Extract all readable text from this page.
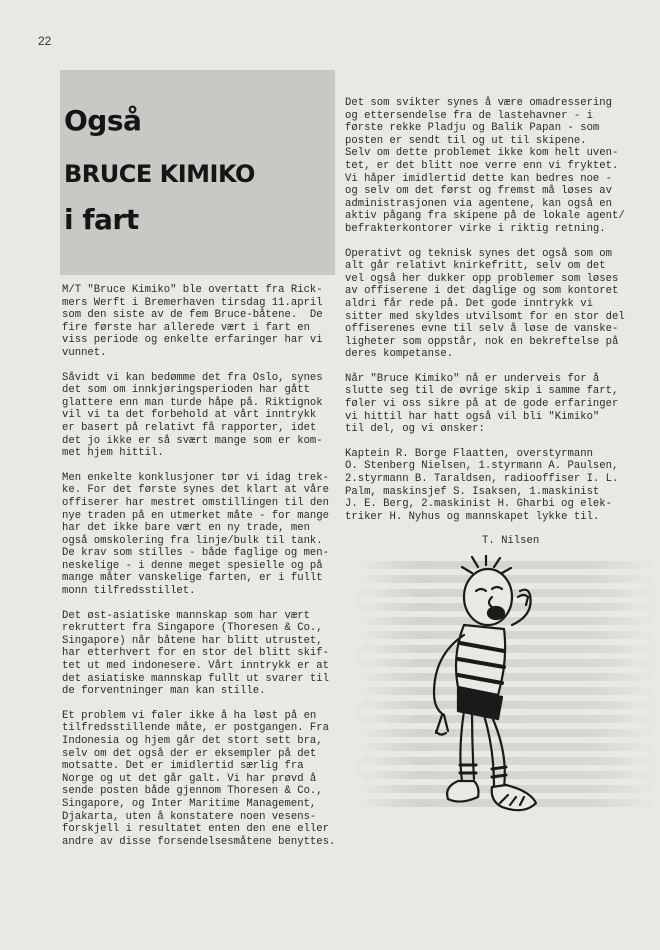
22
Også
BRUCE KIMIKO
i fart

M/T "Bruce Kimiko" ble overtatt fra Rick-
mers Werft i Bremerhaven tirsdag 11.april
som den siste av de fem Bruce-båtene.  De
fire første har allerede vært i fart en
viss periode og enkelte erfaringer har vi
vunnet.

Såvidt vi kan bedømme det fra Oslo, synes
det som om innkjøringsperioden har gått
glattere enn man turde håpe på. Riktignok
vil vi ta det forbehold at vårt inntrykk
er basert på relativt få rapporter, idet
det jo ikke er så svært mange som er kom-
met hjem hittil.

Men enkelte konklusjoner tør vi idag trek-
ke. For det første synes det klart at våre
offiserer har mestret omstillingen til den
nye traden på en utmerket måte - for mange
har det ikke bare vært en ny trade, men
også omskolering fra linje/bulk til tank.
De krav som stilles - både faglige og men-
neskelige - i denne meget spesielle og på
mange måter vanskelige farten, er i fullt
monn tilfredsstillet.

Det øst-asiatiske mannskap som har vært
rekruttert fra Singapore (Thoresen & Co.,
Singapore) når båtene har blitt utrustet,
har etterhvert for en stor del blitt skif-
tet ut med indonesere. Vårt inntrykk er at
det asiatiske mannskap fullt ut svarer til
de forventninger man kan stille.

Et problem vi føler ikke å ha løst på en
tilfredsstillende måte, er postgangen. Fra
Indonesia og hjem går det stort sett bra,
selv om det også der er eksempler på det
motsatte. Det er imidlertid særlig fra
Norge og ut det går galt. Vi har prøvd å
sende posten både gjennom Thoresen & Co.,
Singapore, og Inter Maritime Management,
Djakarta, uten å konstatere noen vesens-
forskjell i resultatet enten den ene eller
andre av disse forsendelsesmåtene benyttes.

Det som svikter synes å være omadressering
og ettersendelse fra de lastehavner - i
første rekke Pladju og Balik Papan - som
posten er sendt til og ut til skipene.
Selv om dette problemet ikke kom helt uven-
tet, er det blitt noe verre enn vi fryktet.
Vi håper imidlertid dette kan bedres noe -
og selv om det først og fremst må løses av
administrasjonen via agentene, kan også en
aktiv pågang fra skipene på de lokale agent/
befrakterkontorer virke i riktig retning.

Operativt og teknisk synes det også som om
alt går relativt knirkefritt, selv om det
vel også her dukker opp problemer som løses
av offiserene i det daglige og som kontoret
aldri får rede på. Det gode inntrykk vi
sitter med skyldes utvilsomt for en stor del
offiserenes evne til selv å løse de vanske-
ligheter som oppstår, nok en bekreftelse på
deres kompetanse.

Når "Bruce Kimiko" nå er underveis for å
slutte seg til de øvrige skip i samme fart,
føler vi oss sikre på at de gode erfaringer
vi hittil har hatt også vil bli "Kimiko"
til del, og vi ønsker:

Kaptein R. Borge Flaatten, overstyrmann
O. Stenberg Nielsen, 1.styrmann A. Paulsen,
2.styrmann B. Taraldsen, radiooffiser I. L.
Palm, maskinsjef S. Isaksen, 1.maskinist
J. E. Berg, 2.maskinist H. Gharbi og elek-
triker H. Nyhus og mannskapet lykke til.

T. Nilsen
